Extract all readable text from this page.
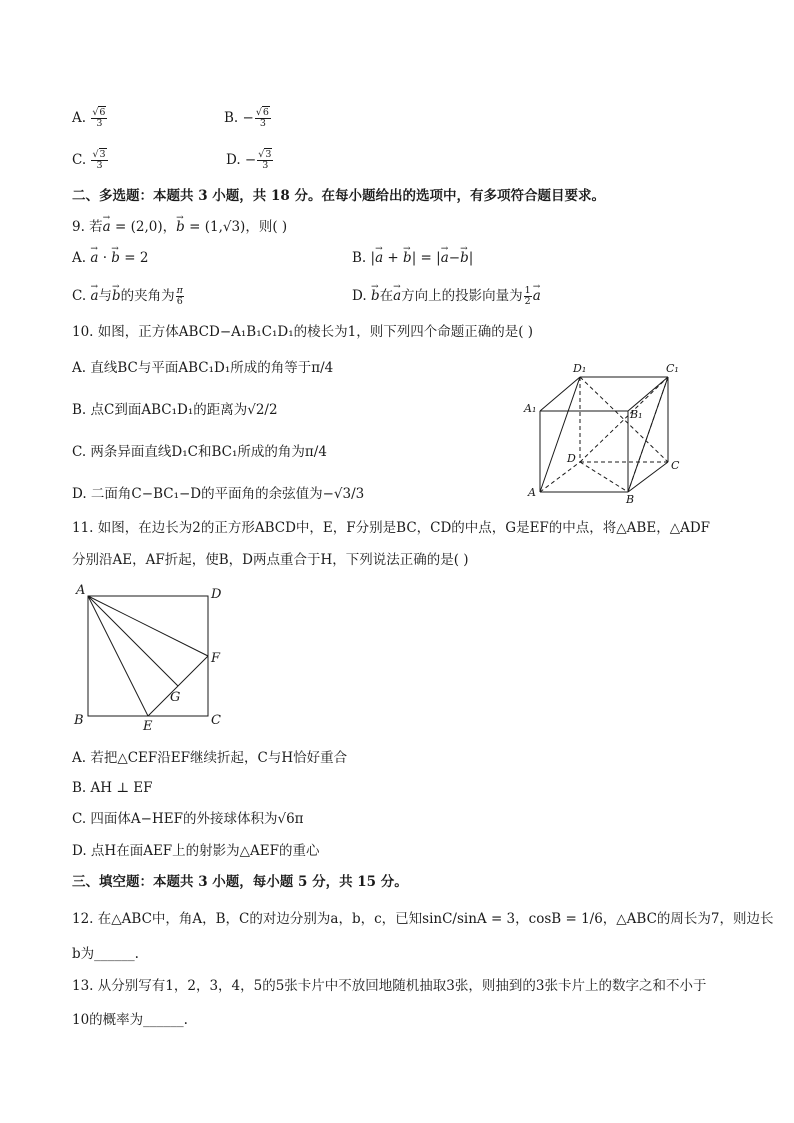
A. $\frac{√6}{3}$	B. − $\frac{√6}{3}$
C. $\frac{√3}{3}$	D. − $\frac{√3}{3}$
二、多选题：本题共 3 小题，共 18 分。在每小题给出的选项中，有多项符合题目要求。
9. 若→ a = (2,0)，→ b = (1,√3)，则( )
A. → a · → b = 2	B. |→ a + → b| = |→ a−→ b|
C. → a与→ b的夹角为 $\frac{\pi}{6}$	D. → b在→ a方向上的投影向量为 $\frac{1}{2}$
→ a
10. 如图，正方体ABCD−A₁B₁C₁D₁的棱长为1，则下列四个命题正确的是( )
A. 直线BC与平面ABC₁D₁所成的角等于π/4
B. 点C到面ABC₁D₁的距离为√2/2
C. 两条异面直线D₁C和BC₁所成的角为π/4
D. 二面角C−BC₁−D的平面角的余弦值为−√3/3
D₁	C₁
A₁	B₁
D
C
A
B
11. 如图，在边长为2的正方形ABCD中，E，F分别是BC，CD的中点，G是EF的中点，将△ABE，△ADF
分别沿AE，AF折起，使B，D两点重合于H，下列说法正确的是( )
A	D
F
G
B	E	C
A. 若把△CEF沿EF继续折起，C与H恰好重合
B. AH ⊥ EF
C. 四面体A−HEF的外接球体积为√6π
D. 点H在面AEF上的射影为△AEF的重心
三、填空题：本题共 3 小题，每小题 5 分，共 15 分。
12. 在△ABC中，角A，B，C的对边分别为a，b，c，已知sinC/sinA = 3，cosB = 1/6，△ABC的周长为7，则边长
b为______.
13. 从分别写有1，2，3，4，5的5张卡片中不放回地随机抽取3张，则抽到的3张卡片上的数字之和不小于
10的概率为______.
